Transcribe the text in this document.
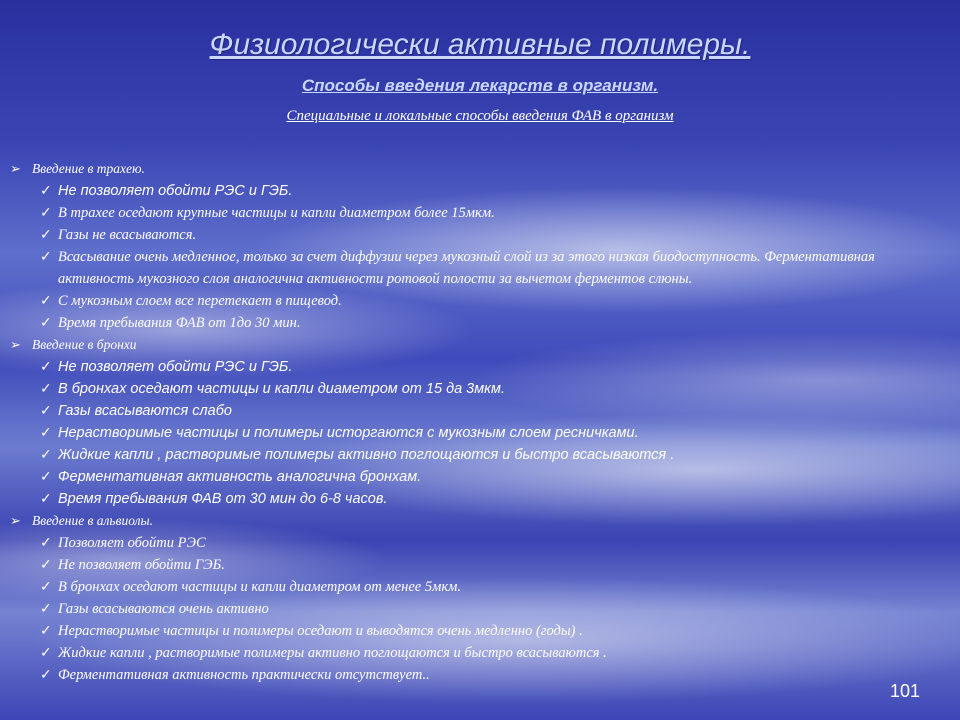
Физиологически активные полимеры.
Способы введения лекарств в организм.
Специальные и локальные способы введения ФАВ в организм
➢ Введение в трахею.
✓ Не позволяет обойти РЭС и ГЭБ.
✓ В трахее оседают крупные частицы и капли диаметром более 15мкм.
✓ Газы не всасываются.
✓ Всасывание очень медленное, только за счет диффузии через мукозный слой из за этого низкая биодоступность. Ферментативная активность мукозного слоя аналогична активности ротовой полости за вычетом ферментов слюны.
✓ С мукозным слоем все перетекает в пищевод.
✓ Время пребывания ФАВ от 1до 30 мин.
➢ Введение в бронхи
✓ Не позволяет обойти РЭС и ГЭБ.
✓ В бронхах оседают частицы и капли диаметром от 15 да 3мкм.
✓ Газы всасываются слабо
✓ Нерастворимые частицы и полимеры исторгаются с мукозным слоем ресничками.
✓ Жидкие капли , растворимые полимеры активно поглощаются и быстро всасываются .
✓ Ферментативная активность аналогична бронхам.
✓ Время пребывания ФАВ от 30 мин до 6-8 часов.
➢ Введение в альвиолы.
✓ Позволяет обойти РЭС
✓ Не позволяет обойти ГЭБ.
✓ В бронхах оседают частицы и капли диаметром от менее 5мкм.
✓ Газы всасываются очень активно
✓ Нерастворимые частицы и полимеры оседают и выводятся очень медленно (годы) .
✓ Жидкие капли , растворимые полимеры активно поглощаются и быстро всасываются .
✓ Ферментативная активность практически отсутствует..
101
